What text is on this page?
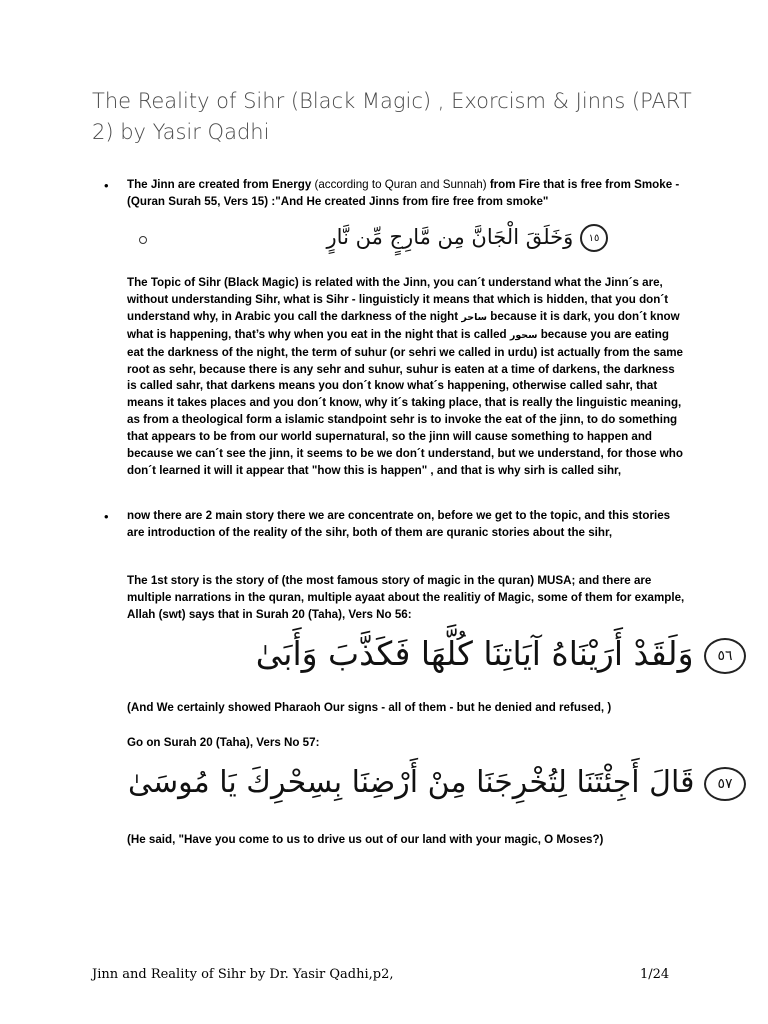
The Reality of Sihr (Black Magic) , Exorcism & Jinns (PART 2) by Yasir Qadhi
• The Jinn are created from Energy (according to Quran and Sunnah) from Fire that is free from Smoke - (Quran Surah 55, Vers 15) :"And He created Jinns from fire free from smoke"

١٥ وَخَلَقَ الْجَانَّ مِن مَّارِجٍ مِّن نَّارٍ

The Topic of Sihr (Black Magic) is related with the Jinn, you can´t understand what the Jinn´s are, without understanding Sihr, what is Sihr - linguisticly it means that which is hidden, that you don´t understand why, in Arabic you call the darkness of the night ساحر because it is dark, you don´t know what is happening, that’s why when you eat in the night that is called سحور because you are eating eat the darkness of the night, the term of suhur (or sehri we called in urdu) ist actually from the same root as sehr, because there is any sehr and suhur, suhur is eaten at a time of darkens, the darkness is called sahr, that darkens means you don´t know what´s happening, otherwise called sahr, that means it takes places and you don´t know, why it´s taking place, that is really the linguistic meaning, as from a theological form a islamic standpoint sehr is to invoke the eat of the jinn, to do something that appears to be from our world supernatural, so the jinn will cause something to happen and because we can´t see the jinn, it seems to be we don´t understand, but we understand, for those who don´t learned it will it appear that "how this is happen" , and that is why sirh is called sihr,

• now there are 2 main story there we are concentrate on, before we get to the topic, and this stories are introduction of the reality of the sihr, both of them are quranic stories about the sihr,

The 1st story is the story of (the most famous story of magic in the quran) MUSA; and there are multiple narrations in the quran, multiple ayaat about the realitiy of Magic, some of them for example, Allah (swt) says that in Surah 20 (Taha), Vers No 56:

٥٦ وَلَقَدْ أَرَيْنَاهُ آيَاتِنَا كُلَّهَا فَكَذَّبَ وَأَبَىٰ

(And We certainly showed Pharaoh Our signs - all of them - but he denied and refused, )

Go on Surah 20 (Taha), Vers No 57:

٥٧ قَالَ أَجِئْتَنَا لِتُخْرِجَنَا مِنْ أَرْضِنَا بِسِحْرِكَ يَا مُوسَىٰ

(He said, "Have you come to us to drive us out of our land with your magic, O Moses?)

Jinn and Reality of Sihr by Dr. Yasir Qadhi,p2,	1/24
